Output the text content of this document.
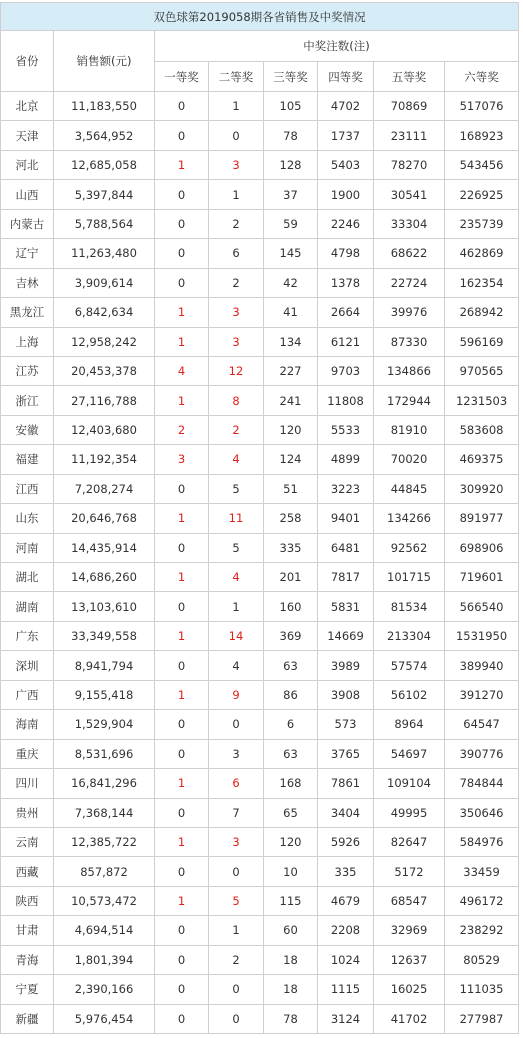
双色球第2019058期各省销售及中奖情况							
省份	销售额(元)	中奖注数(注)					
		一等奖	二等奖	三等奖	四等奖	五等奖	六等奖
北京	11,183,550	0	1	105	4702	70869	517076
天津	3,564,952	0	0	78	1737	23111	168923
河北	12,685,058	1	3	128	5403	78270	543456
山西	5,397,844	0	1	37	1900	30541	226925
内蒙古	5,788,564	0	2	59	2246	33304	235739
辽宁	11,263,480	0	6	145	4798	68622	462869
吉林	3,909,614	0	2	42	1378	22724	162354
黑龙江	6,842,634	1	3	41	2664	39976	268942
上海	12,958,242	1	3	134	6121	87330	596169
江苏	20,453,378	4	12	227	9703	134866	970565
浙江	27,116,788	1	8	241	11808	172944	1231503
安徽	12,403,680	2	2	120	5533	81910	583608
福建	11,192,354	3	4	124	4899	70020	469375
江西	7,208,274	0	5	51	3223	44845	309920
山东	20,646,768	1	11	258	9401	134266	891977
河南	14,435,914	0	5	335	6481	92562	698906
湖北	14,686,260	1	4	201	7817	101715	719601
湖南	13,103,610	0	1	160	5831	81534	566540
广东	33,349,558	1	14	369	14669	213304	1531950
深圳	8,941,794	0	4	63	3989	57574	389940
广西	9,155,418	1	9	86	3908	56102	391270
海南	1,529,904	0	0	6	573	8964	64547
重庆	8,531,696	0	3	63	3765	54697	390776
四川	16,841,296	1	6	168	7861	109104	784844
贵州	7,368,144	0	7	65	3404	49995	350646
云南	12,385,722	1	3	120	5926	82647	584976
西藏	857,872	0	0	10	335	5172	33459
陕西	10,573,472	1	5	115	4679	68547	496172
甘肃	4,694,514	0	1	60	2208	32969	238292
青海	1,801,394	0	2	18	1024	12637	80529
宁夏	2,390,166	0	0	18	1115	16025	111035
新疆	5,976,454	0	0	78	3124	41702	277987
